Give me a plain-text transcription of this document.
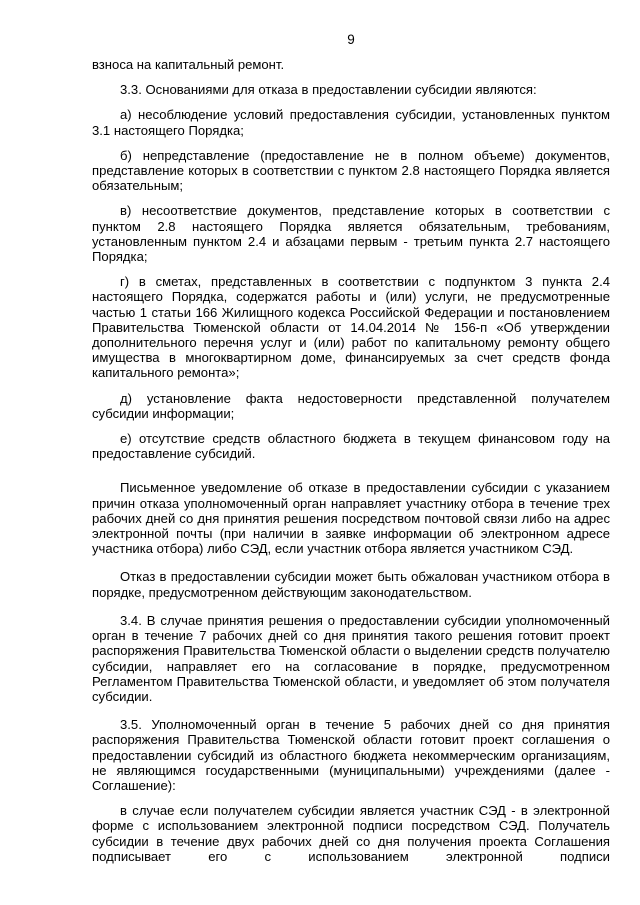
9

взноса на капитальный ремонт.

3.3. Основаниями для отказа в предоставлении субсидии являются:

а) несоблюдение условий предоставления субсидии, установленных пунктом 3.1 настоящего Порядка;

б) непредставление (предоставление не в полном объеме) документов, представление которых в соответствии с пунктом 2.8 настоящего Порядка является обязательным;

в) несоответствие документов, представление которых в соответствии с пунктом 2.8 настоящего Порядка является обязательным, требованиям, установленным пунктом 2.4 и абзацами первым - третьим пункта 2.7 настоящего Порядка;

г) в сметах, представленных в соответствии с подпунктом 3 пункта 2.4 настоящего Порядка, содержатся работы и (или) услуги, не предусмотренные частью 1 статьи 166 Жилищного кодекса Российской Федерации и постановлением Правительства Тюменской области от 14.04.2014 № 156-п «Об утверждении дополнительного перечня услуг и (или) работ по капитальному ремонту общего имущества в многоквартирном доме, финансируемых за счет средств фонда капитального ремонта»;

д) установление факта недостоверности представленной получателем субсидии информации;

е) отсутствие средств областного бюджета в текущем финансовом году на предоставление субсидий.

Письменное уведомление об отказе в предоставлении субсидии с указанием причин отказа уполномоченный орган направляет участнику отбора в течение трех рабочих дней со дня принятия решения посредством почтовой связи либо на адрес электронной почты (при наличии в заявке информации об электронном адресе участника отбора) либо СЭД, если участник отбора является участником СЭД.

Отказ в предоставлении субсидии может быть обжалован участником отбора в порядке, предусмотренном действующим законодательством.

3.4. В случае принятия решения о предоставлении субсидии уполномоченный орган в течение 7 рабочих дней со дня принятия такого решения готовит проект распоряжения Правительства Тюменской области о выделении средств получателю субсидии, направляет его на согласование в порядке, предусмотренном Регламентом Правительства Тюменской области, и уведомляет об этом получателя субсидии.

3.5. Уполномоченный орган в течение 5 рабочих дней со дня принятия распоряжения Правительства Тюменской области готовит проект соглашения о предоставлении субсидий из областного бюджета некоммерческим организациям, не являющимся государственными (муниципальными) учреждениями (далее - Соглашение):

в случае если получателем субсидии является участник СЭД - в электронной форме с использованием электронной подписи посредством СЭД. Получатель субсидии в течение двух рабочих дней со дня получения проекта Соглашения подписывает его с использованием электронной подписи
